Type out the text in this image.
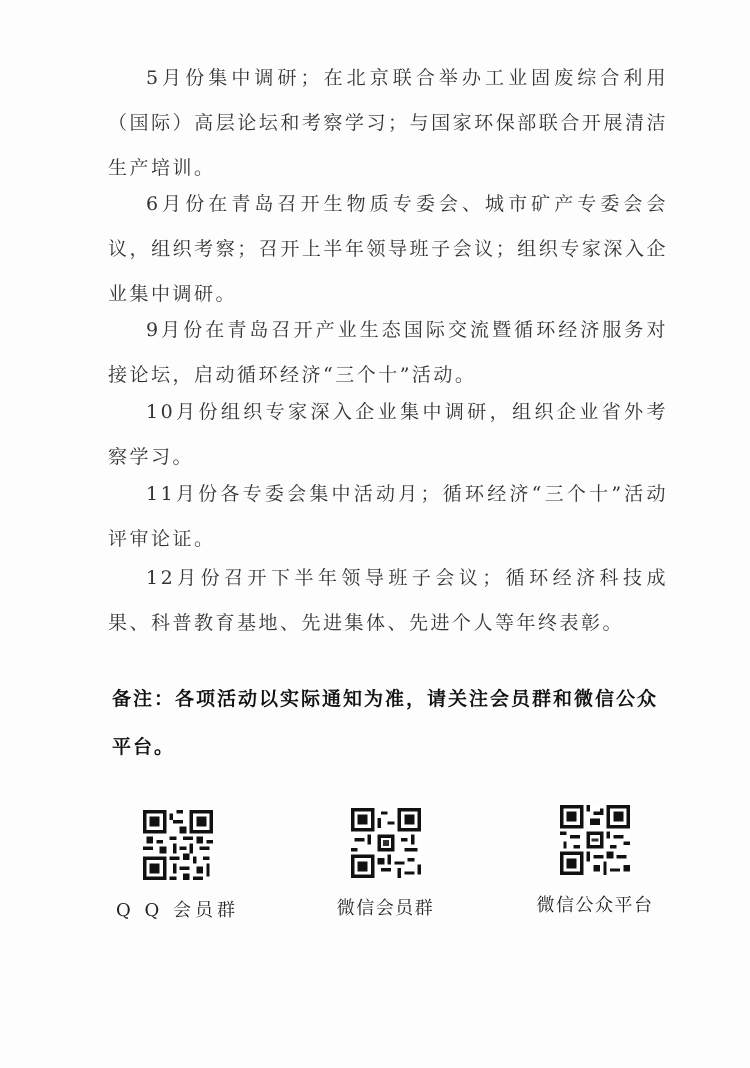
5月份集中调研；在北京联合举办工业固废综合利用（国际）高层论坛和考察学习；与国家环保部联合开展清洁生产培训。

6月份在青岛召开生物质专委会、城市矿产专委会会议，组织考察；召开上半年领导班子会议；组织专家深入企业集中调研。

9月份在青岛召开产业生态国际交流暨循环经济服务对接论坛，启动循环经济“三个十”活动。

10月份组织专家深入企业集中调研，组织企业省外考察学习。

11月份各专委会集中活动月；循环经济“三个十”活动评审论证。

12月份召开下半年领导班子会议；循环经济科技成果、科普教育基地、先进集体、先进个人等年终表彰。

备注：各项活动以实际通知为准，请关注会员群和微信公众平台。

Q Q 会员群	微信会员群	微信公众平台
